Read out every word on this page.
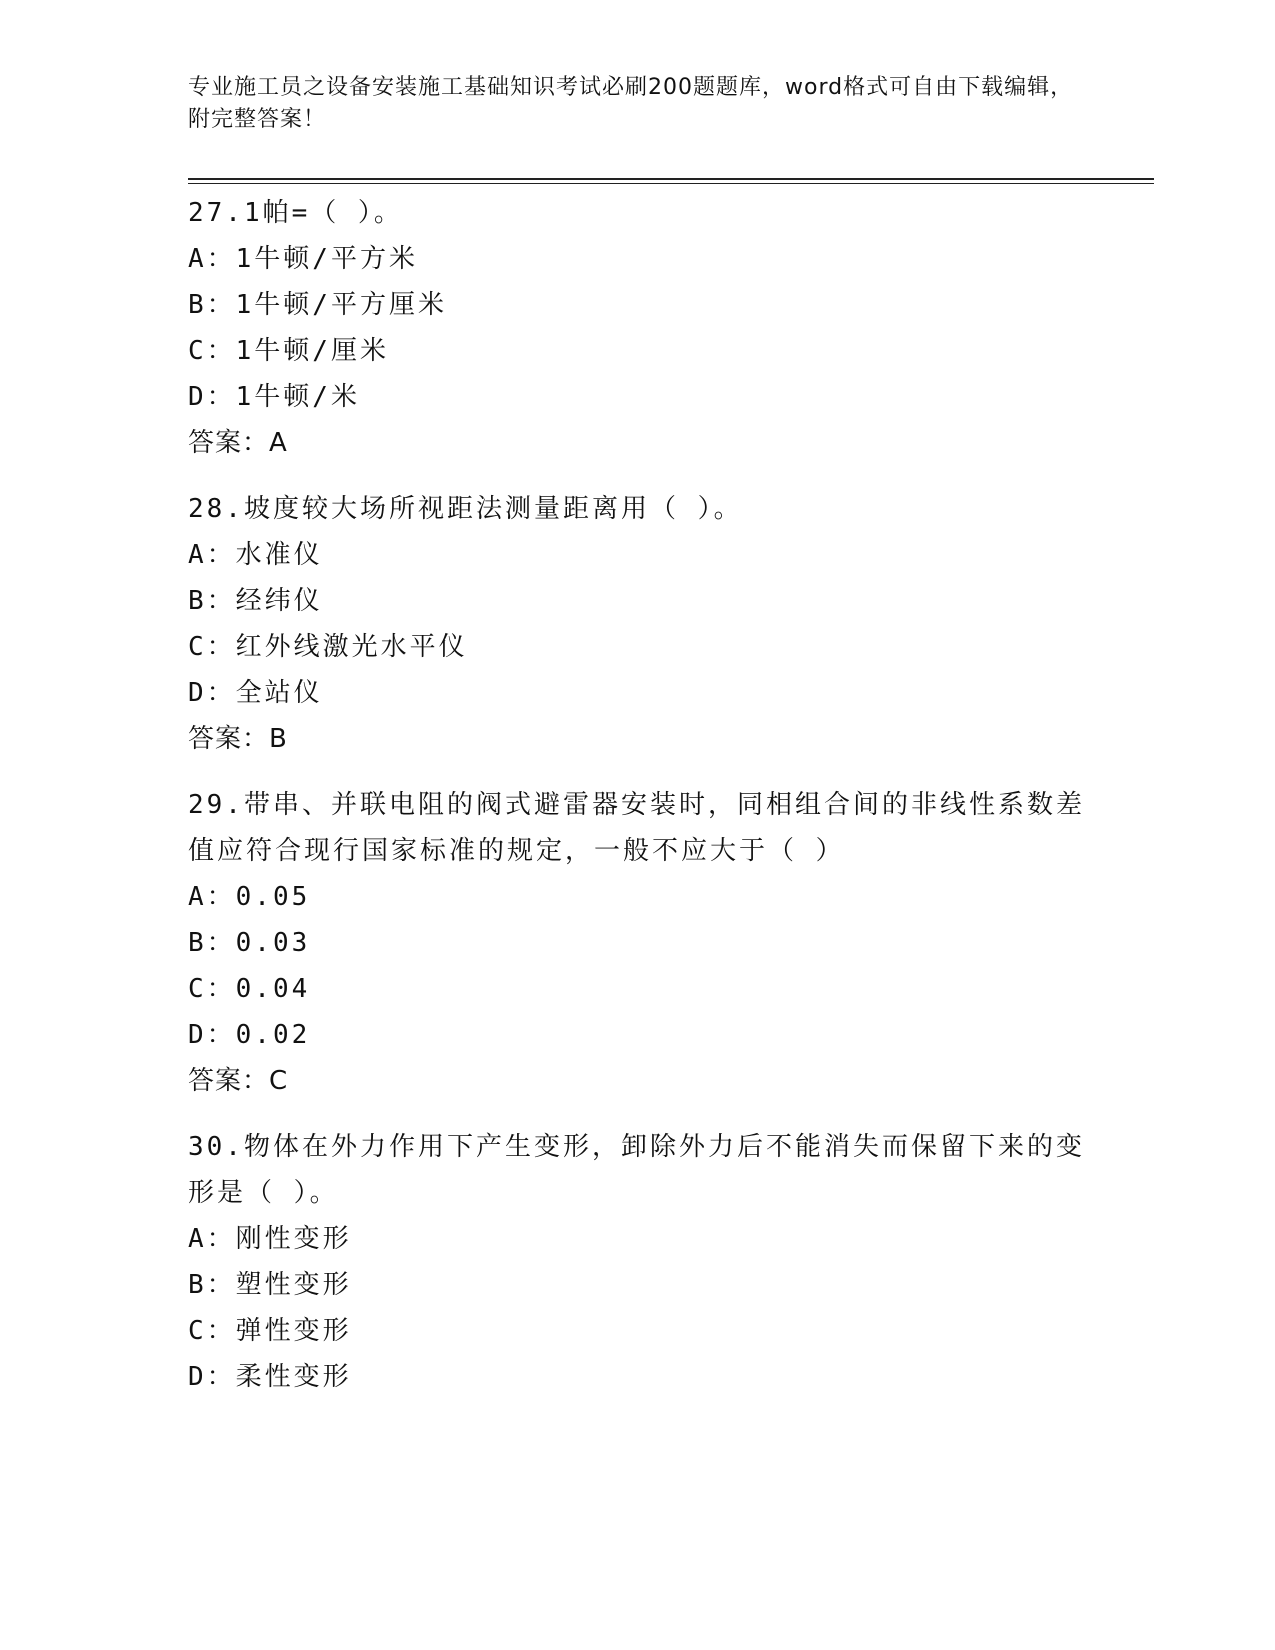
专业施工员之设备安装施工基础知识考试必刷200题题库，word格式可自由下载编辑，附完整答案！
27.1帕=（ ）。
A：1牛顿/平方米
B：1牛顿/平方厘米
C：1牛顿/厘米
D：1牛顿/米
答案：A
28.坡度较大场所视距法测量距离用（ ）。
A：水准仪
B：经纬仪
C：红外线激光水平仪
D：全站仪
答案：B
29.带串、并联电阻的阀式避雷器安装时，同相组合间的非线性系数差值应符合现行国家标准的规定，一般不应大于（ ）
A：0.05
B：0.03
C：0.04
D：0.02
答案：C
30.物体在外力作用下产生变形，卸除外力后不能消失而保留下来的变形是（ ）。
A：刚性变形
B：塑性变形
C：弹性变形
D：柔性变形
